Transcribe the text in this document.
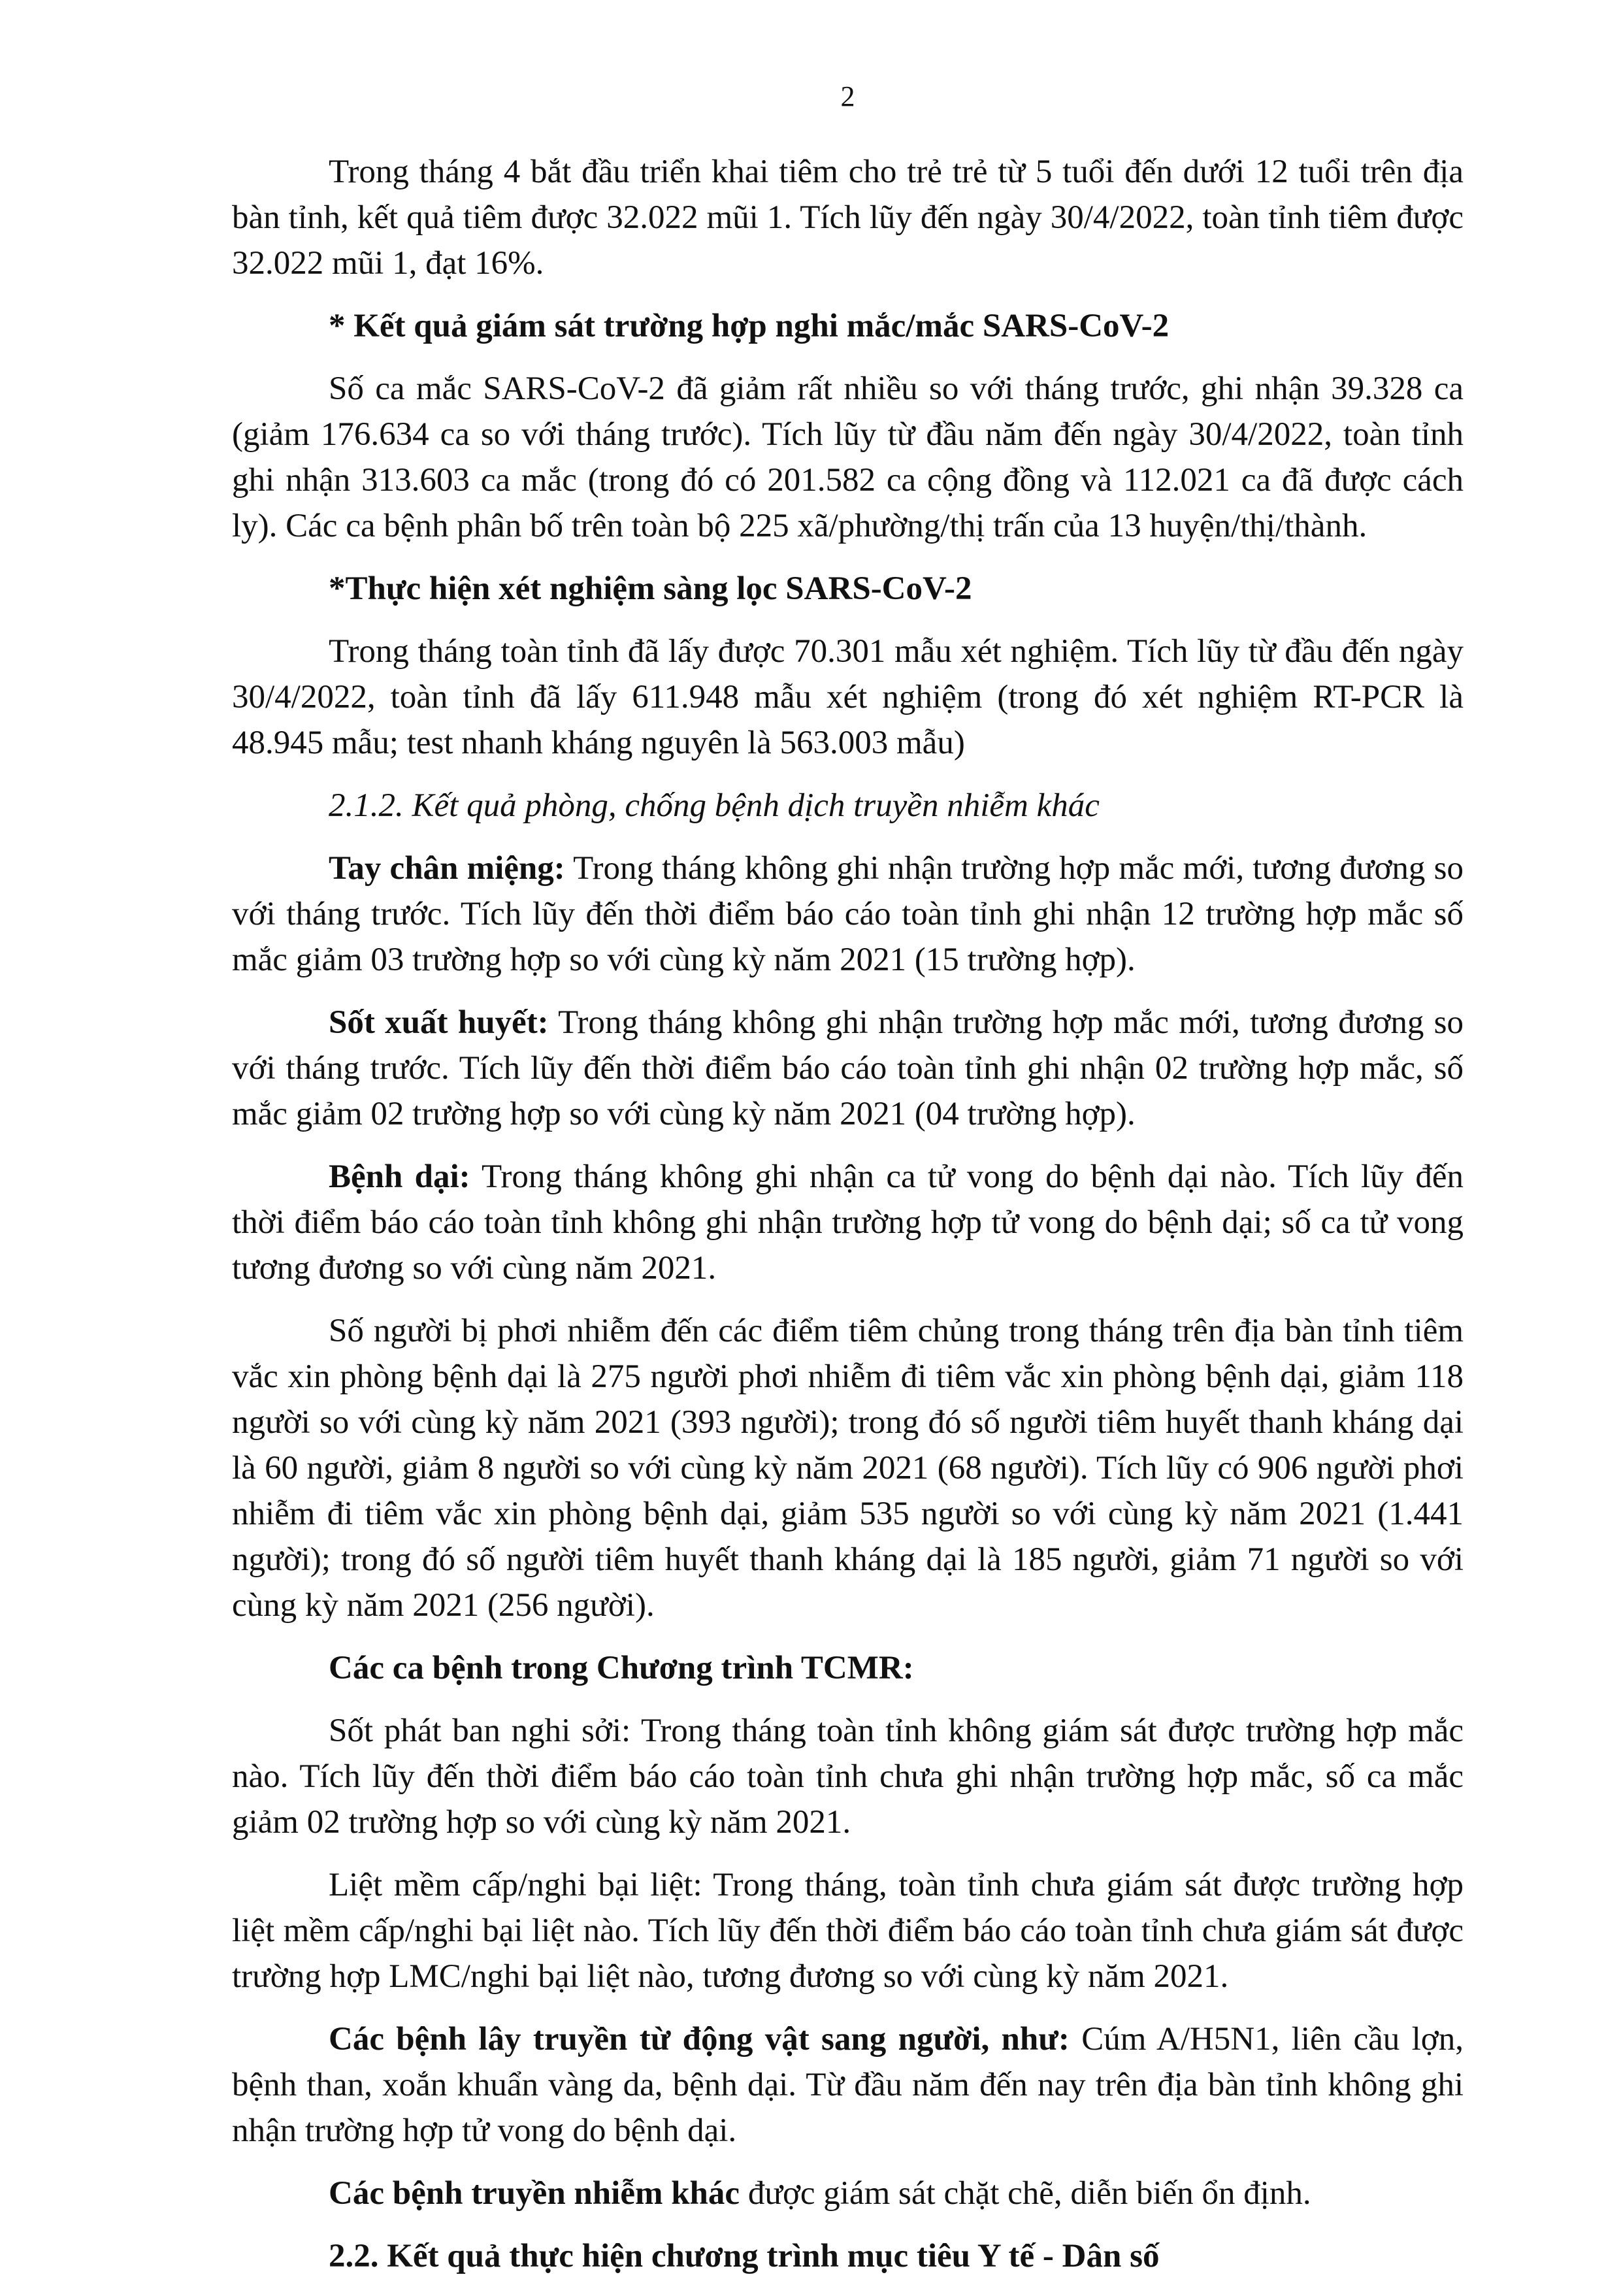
2

Trong tháng 4 bắt đầu triển khai tiêm cho trẻ trẻ từ 5 tuổi đến dưới 12 tuổi trên địa bàn tỉnh, kết quả tiêm được 32.022 mũi 1. Tích lũy đến ngày 30/4/2022, toàn tỉnh tiêm được 32.022 mũi 1, đạt 16%.

* Kết quả giám sát trường hợp nghi mắc/mắc SARS-CoV-2

Số ca mắc SARS-CoV-2 đã giảm rất nhiều so với tháng trước, ghi nhận 39.328 ca (giảm 176.634 ca so với tháng trước). Tích lũy từ đầu năm đến ngày 30/4/2022, toàn tỉnh ghi nhận 313.603 ca mắc (trong đó có 201.582 ca cộng đồng và 112.021 ca đã được cách ly). Các ca bệnh phân bố trên toàn bộ 225 xã/phường/thị trấn của 13 huyện/thị/thành.

*Thực hiện xét nghiệm sàng lọc SARS-CoV-2

Trong tháng toàn tỉnh đã lấy được 70.301 mẫu xét nghiệm. Tích lũy từ đầu đến ngày 30/4/2022, toàn tỉnh đã lấy 611.948 mẫu xét nghiệm (trong đó xét nghiệm RT-PCR là 48.945 mẫu; test nhanh kháng nguyên là 563.003 mẫu)

2.1.2. Kết quả phòng, chống bệnh dịch truyền nhiễm khác

Tay chân miệng: Trong tháng không ghi nhận trường hợp mắc mới, tương đương so với tháng trước. Tích lũy đến thời điểm báo cáo toàn tỉnh ghi nhận 12 trường hợp mắc số mắc giảm 03 trường hợp so với cùng kỳ năm 2021 (15 trường hợp).

Sốt xuất huyết: Trong tháng không ghi nhận trường hợp mắc mới, tương đương so với tháng trước. Tích lũy đến thời điểm báo cáo toàn tỉnh ghi nhận 02 trường hợp mắc, số mắc giảm 02 trường hợp so với cùng kỳ năm 2021 (04 trường hợp).

Bệnh dại: Trong tháng không ghi nhận ca tử vong do bệnh dại nào. Tích lũy đến thời điểm báo cáo toàn tỉnh không ghi nhận trường hợp tử vong do bệnh dại; số ca tử vong tương đương so với cùng năm 2021.

Số người bị phơi nhiễm đến các điểm tiêm chủng trong tháng trên địa bàn tỉnh tiêm vắc xin phòng bệnh dại là 275 người phơi nhiễm đi tiêm vắc xin phòng bệnh dại, giảm 118 người so với cùng kỳ năm 2021 (393 người); trong đó số người tiêm huyết thanh kháng dại là 60 người, giảm 8 người so với cùng kỳ năm 2021 (68 người). Tích lũy có 906 người phơi nhiễm đi tiêm vắc xin phòng bệnh dại, giảm 535 người so với cùng kỳ năm 2021 (1.441 người); trong đó số người tiêm huyết thanh kháng dại là 185 người, giảm 71 người so với cùng kỳ năm 2021 (256 người).

Các ca bệnh trong Chương trình TCMR:

Sốt phát ban nghi sởi: Trong tháng toàn tỉnh không giám sát được trường hợp mắc nào. Tích lũy đến thời điểm báo cáo toàn tỉnh chưa ghi nhận trường hợp mắc, số ca mắc giảm 02 trường hợp so với cùng kỳ năm 2021.

Liệt mềm cấp/nghi bại liệt: Trong tháng, toàn tỉnh chưa giám sát được trường hợp liệt mềm cấp/nghi bại liệt nào. Tích lũy đến thời điểm báo cáo toàn tỉnh chưa giám sát được trường hợp LMC/nghi bại liệt nào, tương đương so với cùng kỳ năm 2021.

Các bệnh lây truyền từ động vật sang người, như: Cúm A/H5N1, liên cầu lợn, bệnh than, xoắn khuẩn vàng da, bệnh dại. Từ đầu năm đến nay trên địa bàn tỉnh không ghi nhận trường hợp tử vong do bệnh dại.

Các bệnh truyền nhiễm khác được giám sát chặt chẽ, diễn biến ổn định.

2.2. Kết quả thực hiện chương trình mục tiêu Y tế - Dân số
